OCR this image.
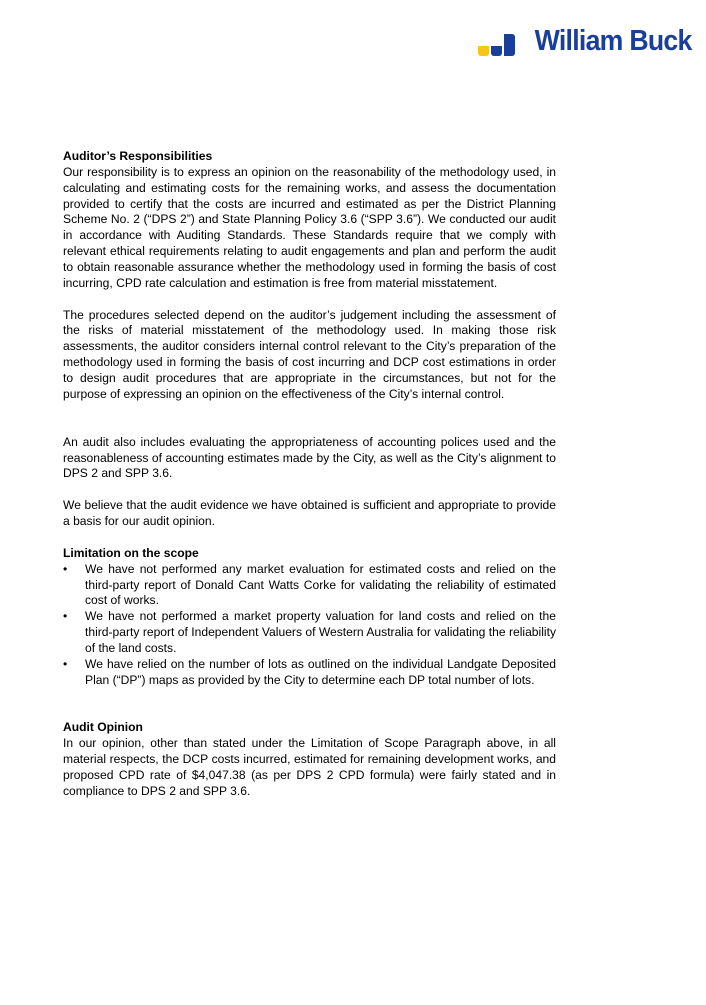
William Buck
Auditor’s Responsibilities

Our responsibility is to express an opinion on the reasonability of the methodology used, in calculating and estimating costs for the remaining works, and assess the documentation provided to certify that the costs are incurred and estimated as per the District Planning Scheme No. 2 (“DPS 2”) and State Planning Policy 3.6 (“SPP 3.6”). We conducted our audit in accordance with Auditing Standards. These Standards require that we comply with relevant ethical requirements relating to audit engagements and plan and perform the audit to obtain reasonable assurance whether the methodology used in forming the basis of cost incurring, CPD rate calculation and estimation is free from material misstatement.

The procedures selected depend on the auditor’s judgement including the assessment of the risks of material misstatement of the methodology used. In making those risk assessments, the auditor considers internal control relevant to the City’s preparation of the methodology used in forming the basis of cost incurring and DCP cost estimations in order to design audit procedures that are appropriate in the circumstances, but not for the purpose of expressing an opinion on the effectiveness of the City’s internal control.

An audit also includes evaluating the appropriateness of accounting polices used and the reasonableness of accounting estimates made by the City, as well as the City’s alignment to DPS 2 and SPP 3.6.

We believe that the audit evidence we have obtained is sufficient and appropriate to provide a basis for our audit opinion.

Limitation on the scope
• We have not performed any market evaluation for estimated costs and relied on the third-party report of Donald Cant Watts Corke for validating the reliability of estimated cost of works.
• We have not performed a market property valuation for land costs and relied on the third-party report of Independent Valuers of Western Australia for validating the reliability of the land costs.
• We have relied on the number of lots as outlined on the individual Landgate Deposited Plan (“DP”) maps as provided by the City to determine each DP total number of lots.
Audit Opinion

In our opinion, other than stated under the Limitation of Scope Paragraph above, in all material respects, the DCP costs incurred, estimated for remaining development works, and proposed CPD rate of $4,047.38 (as per DPS 2 CPD formula) were fairly stated and in compliance to DPS 2 and SPP 3.6.
